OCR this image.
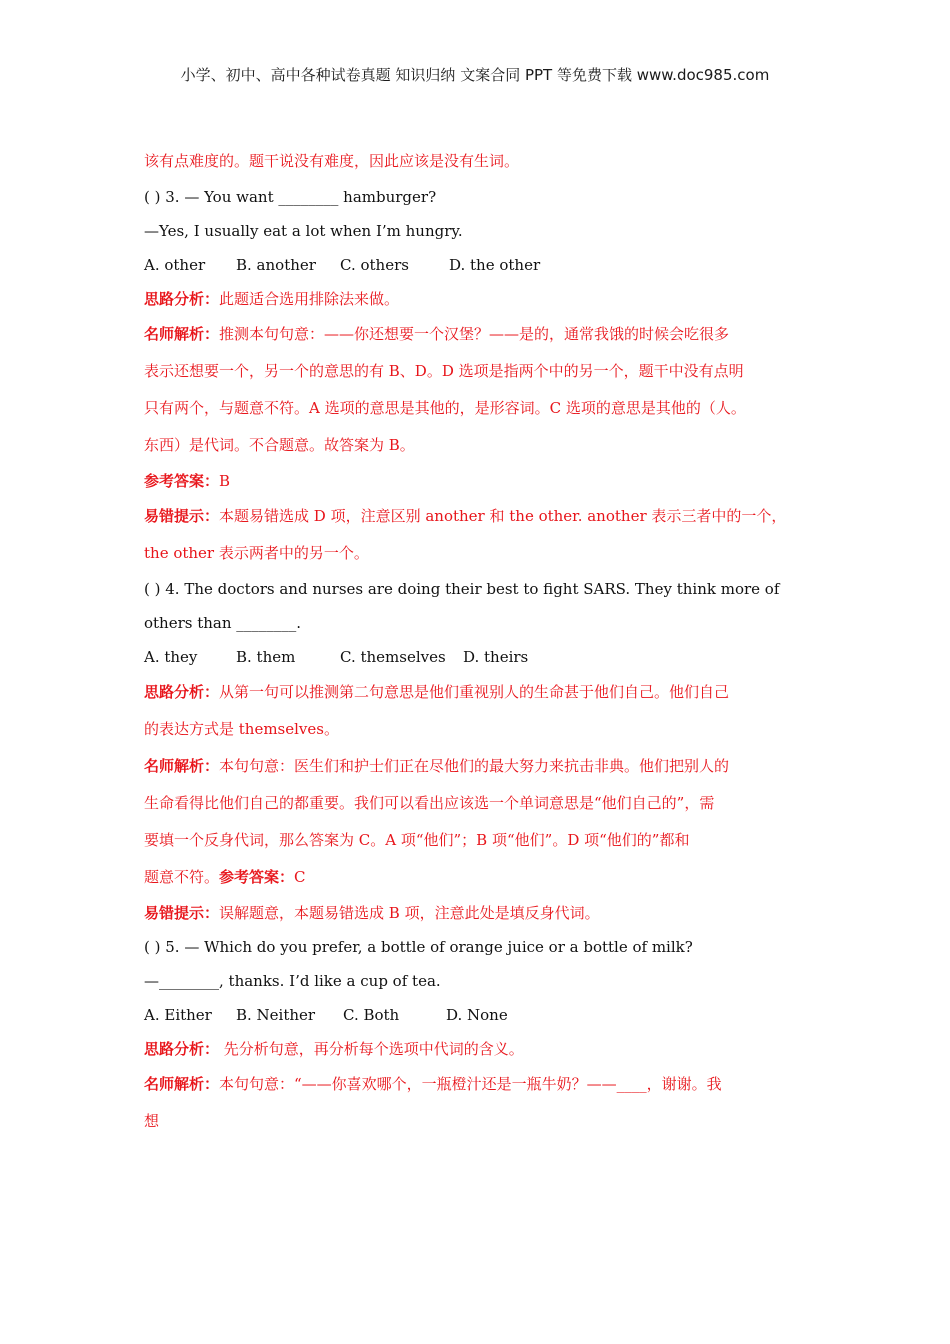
小学、初中、高中各种试卷真题 知识归纳 文案合同 PPT 等免费下载 www.doc985.com
该有点难度的。题干说没有难度，因此应该是没有生词。
( ) 3. — You want ________ hamburger?
—Yes, I usually eat a lot when I’m hungry.
A. other B. another C. others	D. the other
思路分析：此题适合选用排除法来做。
名师解析：推测本句句意：——你还想要一个汉堡？——是的，通常我饿的时候会吃很多
表示还想要一个，另一个的意思的有 B、D。D 选项是指两个中的另一个，题干中没有点明
只有两个，与题意不符。A 选项的意思是其他的，是形容词。C 选项的意思是其他的（人。
东西）是代词。不合题意。故答案为 B。
参考答案：B
易错提示：本题易错选成 D 项，注意区别 another 和 the other. another 表示三者中的一个，
the other 表示两者中的另一个。
( ) 4. The doctors and nurses are doing their best to fight SARS. They think more of
others than ________.
A. they	B. them	C. themselves D. theirs
思路分析：从第一句可以推测第二句意思是他们重视别人的生命甚于他们自己。他们自己
的表达方式是 themselves。
名师解析：本句句意：医生们和护士们正在尽他们的最大努力来抗击非典。他们把别人的
生命看得比他们自己的都重要。我们可以看出应该选一个单词意思是“他们自己的”，需
要填一个反身代词，那么答案为 C。A 项“他们”；B 项“他们”。D 项“他们的”都和
题意不符。参考答案：C
易错提示：误解题意，本题易错选成 B 项，注意此处是填反身代词。
( ) 5. — Which do you prefer, a bottle of orange juice or a bottle of milk?
—________, thanks. I’d like a cup of tea.
A. Either B. Neither C. Both	D. None
思路分析： 先分析句意，再分析每个选项中代词的含义。
名师解析：本句句意：“——你喜欢哪个，一瓶橙汁还是一瓶牛奶？——____，谢谢。我
想
